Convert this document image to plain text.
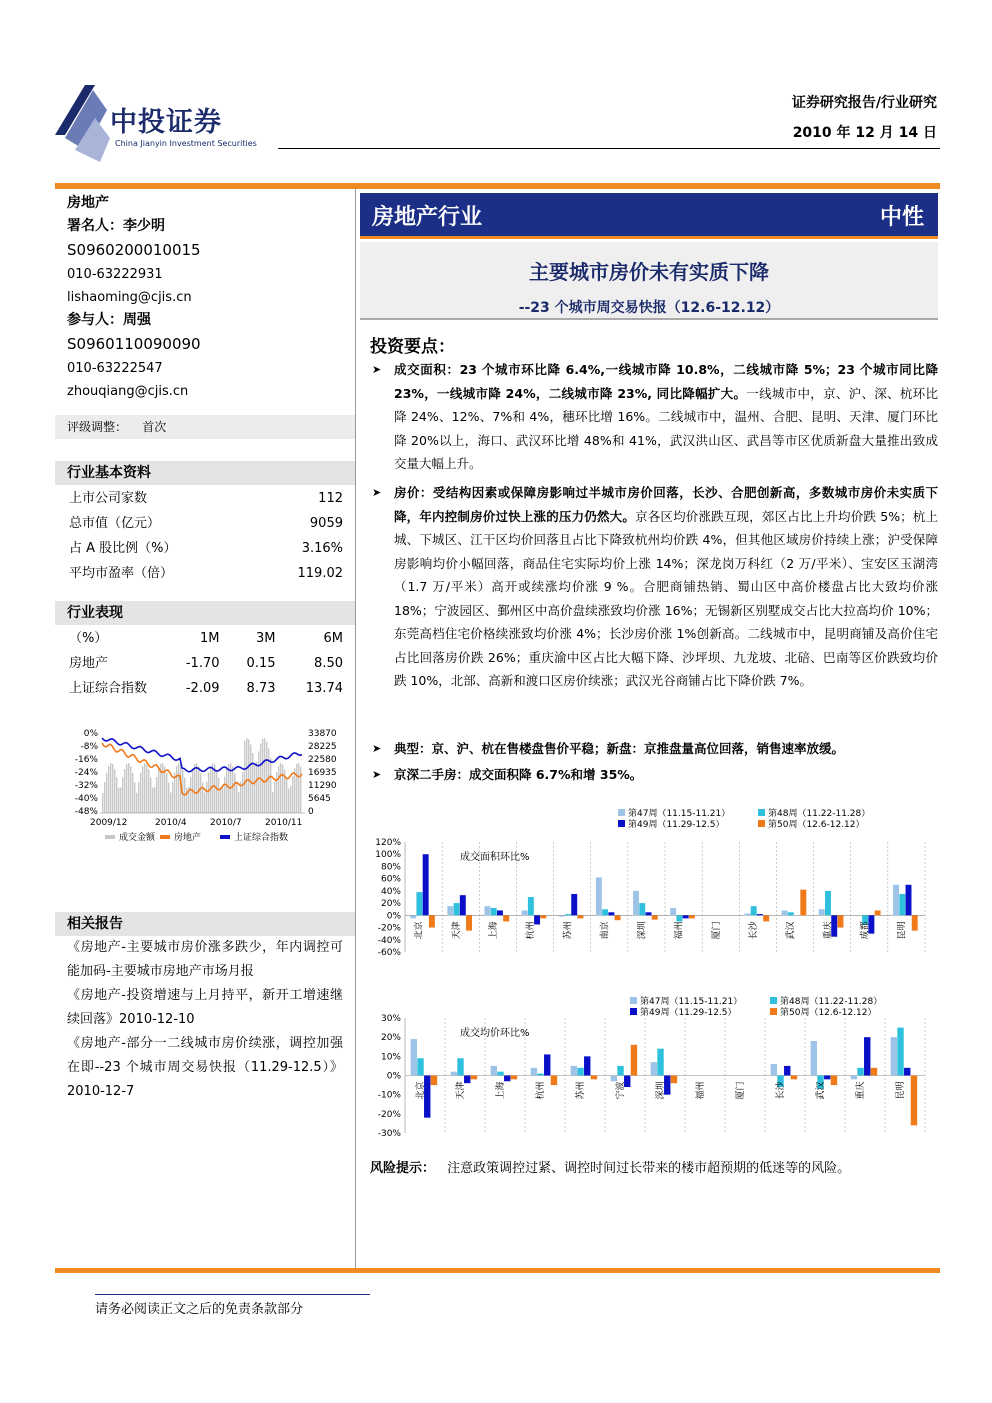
中投证券
China Jianyin Investment Securities
证券研究报告/行业研究
2010 年 12 月 14 日
房地产
署名人：李少明
S0960200010015
010-63222931
lishaoming@cjis.cn
参与人：周强
S0960110090090
010-63222547
zhouqiang@cjis.cn
评级调整： 首次
行业基本资料
上市公司家数	112
总市值（亿元）	9059
占 A 股比例（%）	3.16%
平均市盈率（倍）	119.02
行业表现
（%）	1M	3M	6M
房地产	-1.70	0.15	8.50
上证综合指数	-2.09	8.73	13.74
0%
-8%
-16%
-24%
-32%
-40%
-48%
33870
28225
22580
16935
11290
5645
0
2009/12	2010/4	2010/7	2010/11
成交金额 房地产	上证综合指数
相关报告
《房地产-主要城市房价涨多跌少，年内调控可能加码-主要城市房地产市场月报
《房地产-投资增速与上月持平，新开工增速继续回落》2010-12-10
《房地产-部分一二线城市房价续涨，调控加强在即--23 个城市周交易快报（11.29-12.5）》2010-12-7
房地产行业	中性
主要城市房价未有实质下降
--23 个城市周交易快报（12.6-12.12）
投资要点：
➤	成交面积：23 个城市环比降 6.4%,一线城市降 10.8%，二线城市降 5%；23 个城市同比降 23%，一线城市降 24%，二线城市降 23%, 同比降幅扩大。一线城市中，京、沪、深、杭环比降 24%、12%、7%和 4%，穗环比增 16%。二线城市中，温州、合肥、昆明、天津、厦门环比降 20%以上，海口、武汉环比增 48%和 41%，武汉洪山区、武昌等市区优质新盘大量推出致成交量大幅上升。
➤	房价：受结构因素或保障房影响过半城市房价回落，长沙、合肥创新高，多数城市房价未实质下降，年内控制房价过快上涨的压力仍然大。京各区均价涨跌互现，郊区占比上升均价跌 5%；杭上城、下城区、江干区均价回落且占比下降致杭州均价跌 4%，但其他区域房价持续上涨；沪受保障房影响均价小幅回落，商品住宅实际均价上涨 14%；深龙岗万科红（2 万/平米）、宝安区玉湖湾（1.7 万/平米）高开或续涨均价涨 9 %。合肥商铺热销、蜀山区中高价楼盘占比大致均价涨 18%；宁波园区、鄞州区中高价盘续涨致均价涨 16%；无锡新区别墅成交占比大拉高均价 10%；东莞高档住宅价格续涨致均价涨 4%；长沙房价涨 1%创新高。二线城市中，昆明商铺及高价住宅占比回落房价跌 26%；重庆渝中区占比大幅下降、沙坪坝、九龙坡、北碚、巴南等区价跌致均价跌 10%，北部、高新和渡口区房价续涨；武汉光谷商铺占比下降价跌 7%。
➤	典型：京、沪、杭在售楼盘售价平稳；新盘：京推盘量高位回落，销售速率放缓。
➤	京深二手房：成交面积降 6.7%和增 35%。
120%
100%
80%
60%
40%
20%
0%
-20%
-40%
-60%
北京	天津	上海	杭州	苏州	南京	深圳	福州	厦门	长沙	武汉	重庆	成都	昆明
第47周（11.15-11.21）	第48周（11.22-11.28）
第49周（11.29-12.5）	第50周（12.6-12.12）
成交面积环比%
30%
20%
10%
0%
-10%
-20%
-30%
北京	天津	上海	杭州	苏州	宁波	深圳	福州	厦门	长沙	武汉	重庆	昆明
第47周（11.15-11.21）	第48周（11.22-11.28）
第49周（11.29-12.5）	第50周（12.6-12.12）
成交均价环比%
风险提示： 注意政策调控过紧、调控时间过长带来的楼市超预期的低迷等的风险。
请务必阅读正文之后的免责条款部分
